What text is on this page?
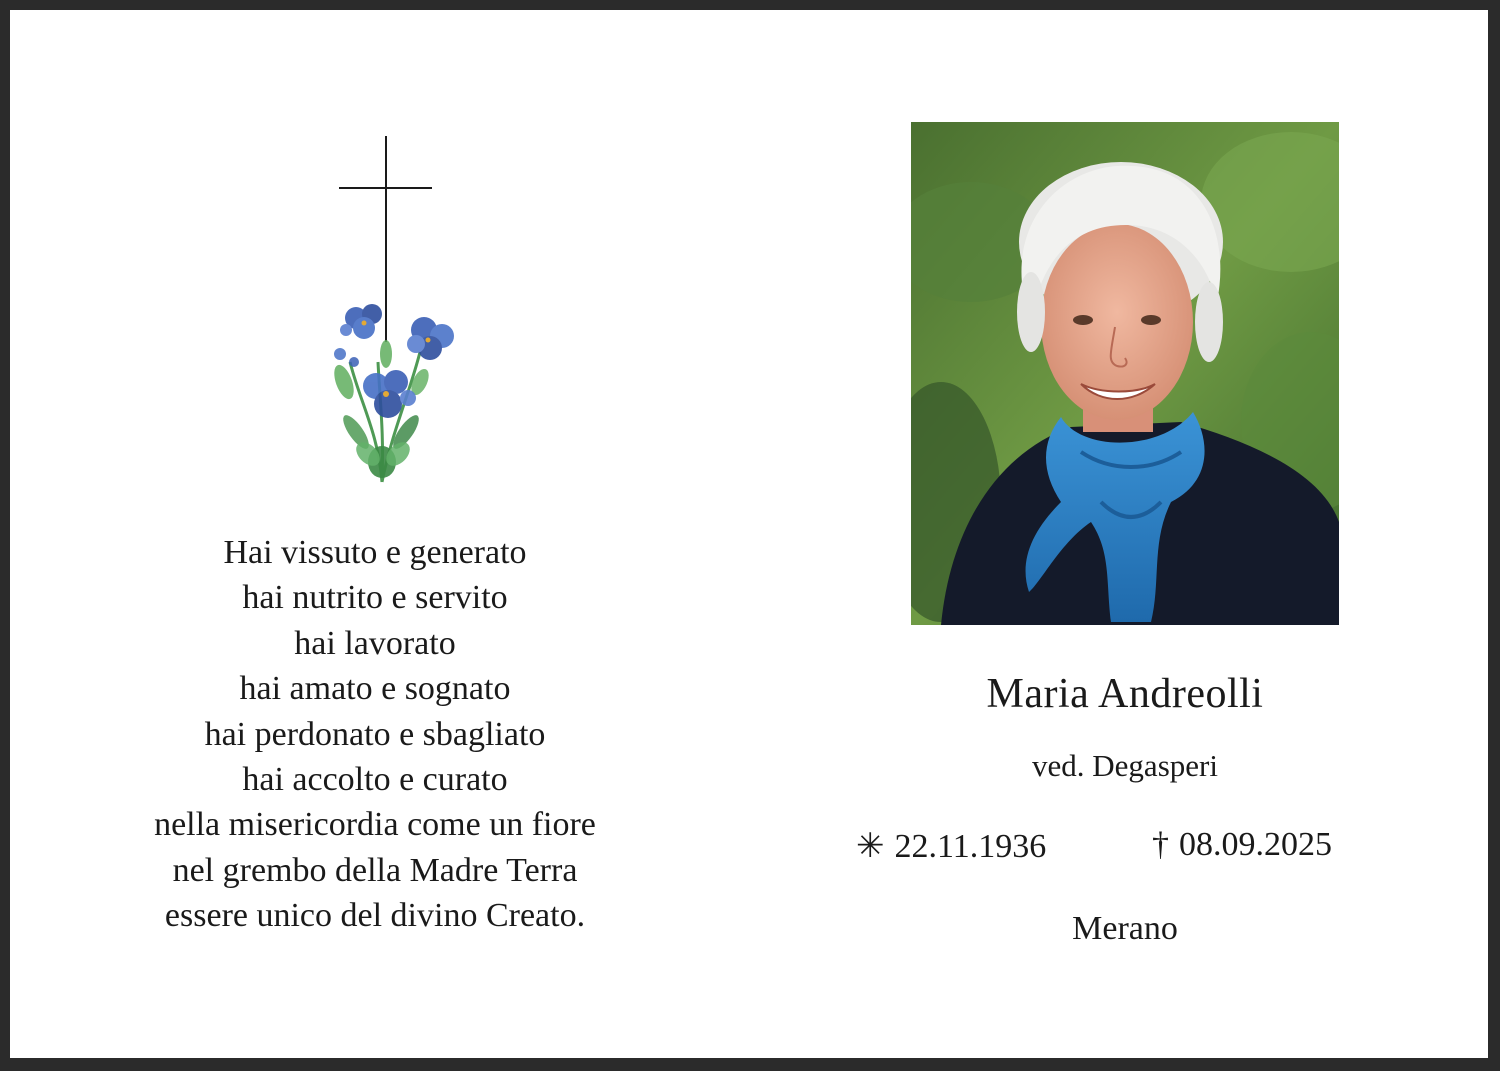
Hai vissuto e generato
hai nutrito e servito
hai lavorato
hai amato e sognato
hai perdonato e sbagliato
hai accolto e curato
nella misericordia come un fiore
nel grembo della Madre Terra
essere unico del divino Creato.
Maria Andreolli
ved. Degasperi
✳ 22.11.1936	† 08.09.2025
Merano
